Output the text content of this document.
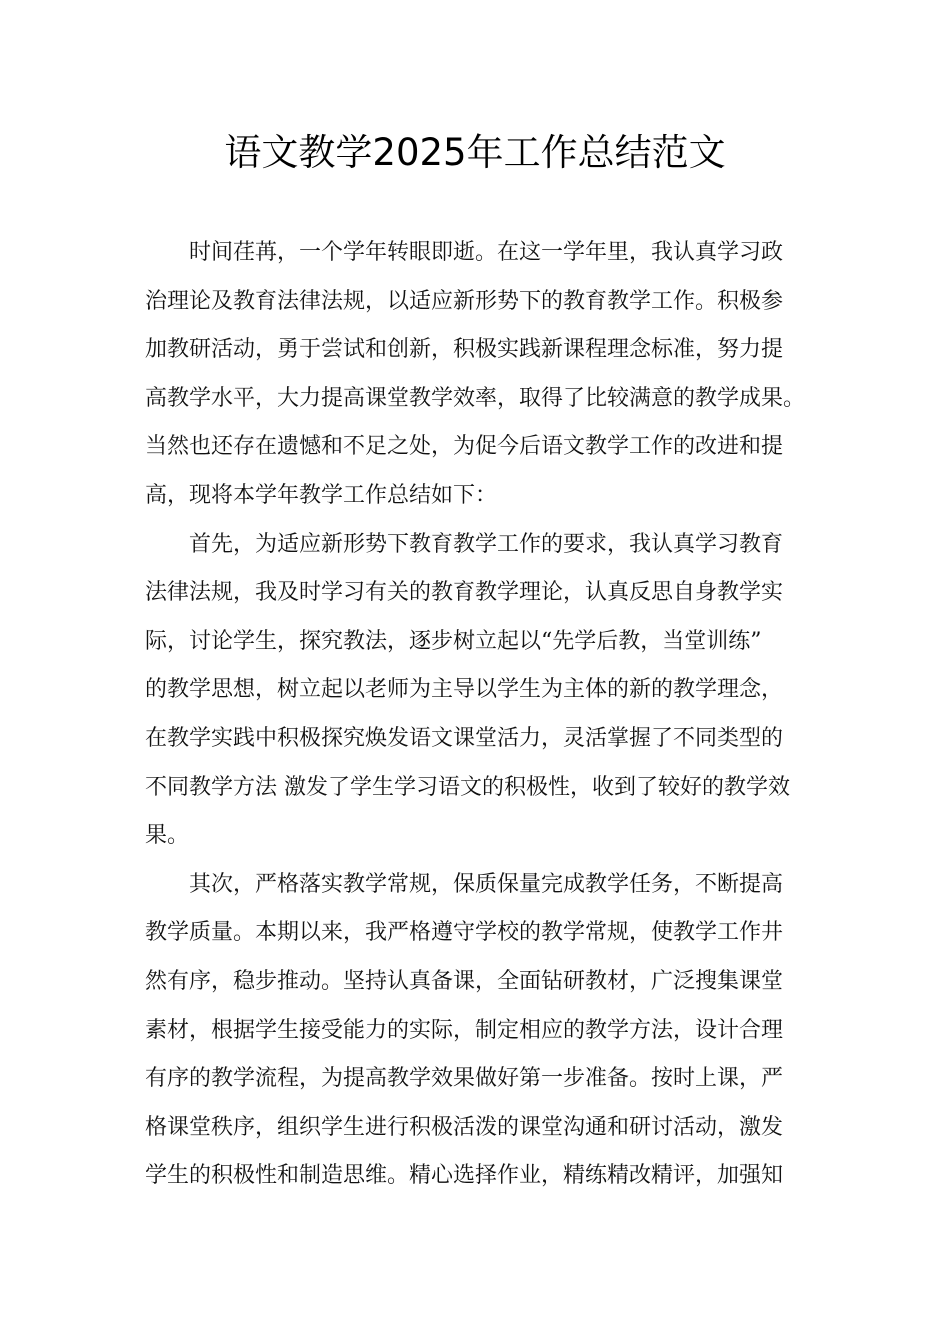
语文教学2025年工作总结范文
时间荏苒，一个学年转眼即逝。在这一学年里，我认真学习政
治理论及教育法律法规，以适应新形势下的教育教学工作。积极参
加教研活动，勇于尝试和创新，积极实践新课程理念标准，努力提
高教学水平，大力提高课堂教学效率，取得了比较满意的教学成果。
当然也还存在遗憾和不足之处，为促今后语文教学工作的改进和提
高，现将本学年教学工作总结如下：
首先，为适应新形势下教育教学工作的要求，我认真学习教育
法律法规，我及时学习有关的教育教学理论，认真反思自身教学实
际，讨论学生，探究教法，逐步树立起以“先学后教，当堂训练”
的教学思想，树立起以老师为主导以学生为主体的新的教学理念，
在教学实践中积极探究焕发语文课堂活力，灵活掌握了不同类型的
不同教学方法 激发了学生学习语文的积极性，收到了较好的教学效
果。
其次，严格落实教学常规，保质保量完成教学任务，不断提高
教学质量。本期以来，我严格遵守学校的教学常规，使教学工作井
然有序，稳步推动。坚持认真备课，全面钻研教材，广泛搜集课堂
素材，根据学生接受能力的实际，制定相应的教学方法，设计合理
有序的教学流程，为提高教学效果做好第一步准备。按时上课，严
格课堂秩序，组织学生进行积极活泼的课堂沟通和研讨活动，激发
学生的积极性和制造思维。精心选择作业，精练精改精评，加强知
